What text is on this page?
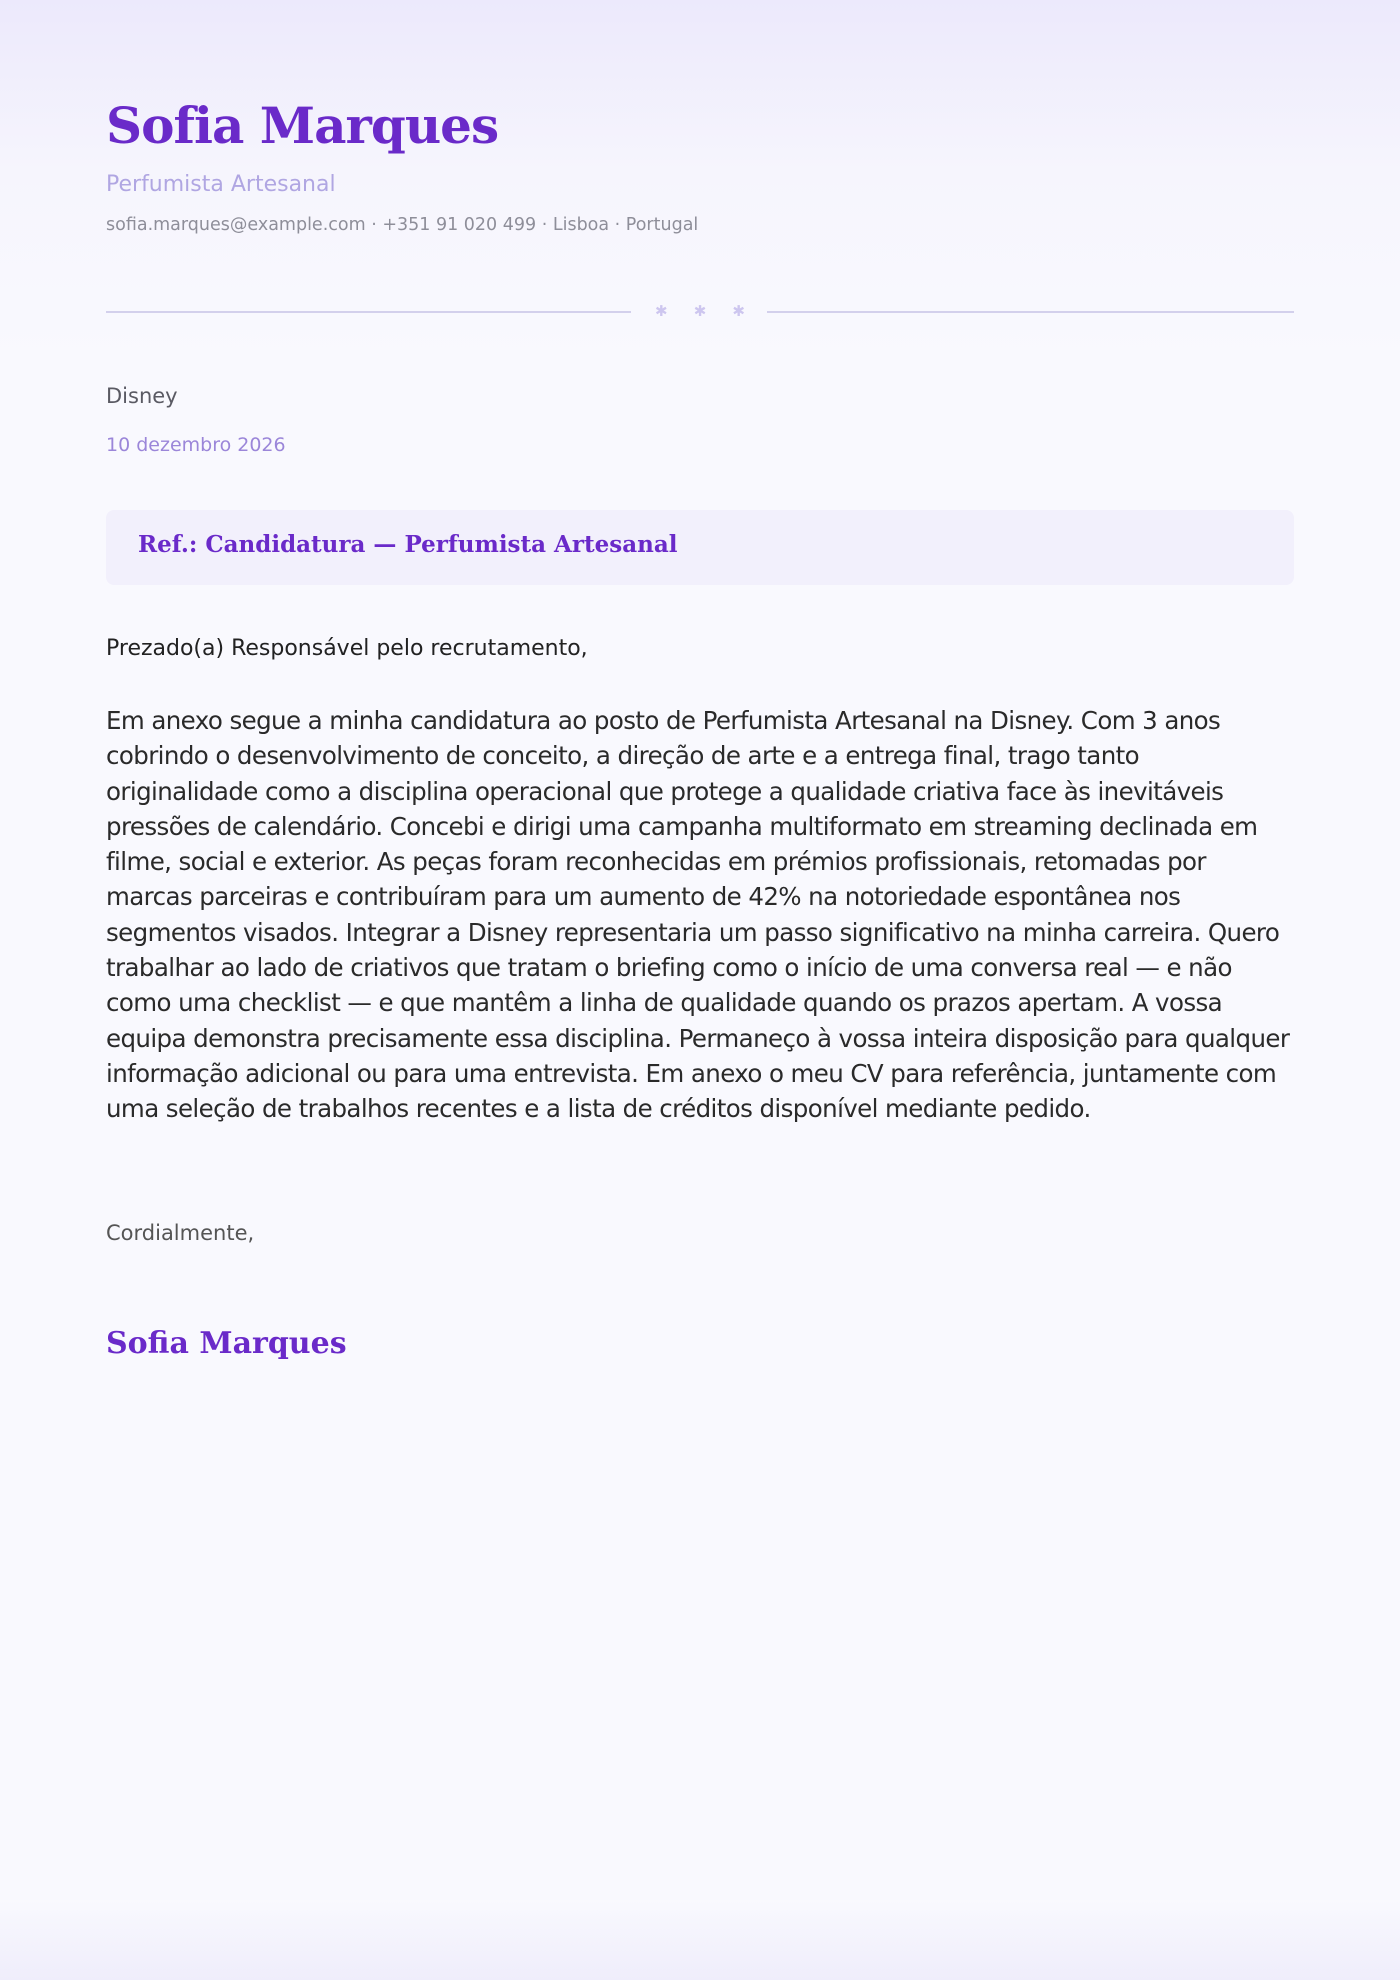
Sofia Marques
Perfumista Artesanal
sofia.marques@example.com · +351 91 020 499 · Lisboa · Portugal
✱ ✱ ✱
Disney
10 dezembro 2026
Ref.: Candidatura — Perfumista Artesanal
Prezado(a) Responsável pelo recrutamento,

Em anexo segue a minha candidatura ao posto de Perfumista Artesanal na Disney. Com 3 anos cobrindo o desenvolvimento de conceito, a direção de arte e a entrega final, trago tanto originalidade como a disciplina operacional que protege a qualidade criativa face às inevitáveis pressões de calendário. Concebi e dirigi uma campanha multiformato em streaming declinada em filme, social e exterior. As peças foram reconhecidas em prémios profissionais, retomadas por marcas parceiras e contribuíram para um aumento de 42% na notoriedade espontânea nos segmentos visados. Integrar a Disney representaria um passo significativo na minha carreira. Quero trabalhar ao lado de criativos que tratam o briefing como o início de uma conversa real — e não como uma checklist — e que mantêm a linha de qualidade quando os prazos apertam. A vossa equipa demonstra precisamente essa disciplina. Permaneço à vossa inteira disposição para qualquer informação adicional ou para uma entrevista. Em anexo o meu CV para referência, juntamente com uma seleção de trabalhos recentes e a lista de créditos disponível mediante pedido.

Cordialmente,
Sofia Marques
